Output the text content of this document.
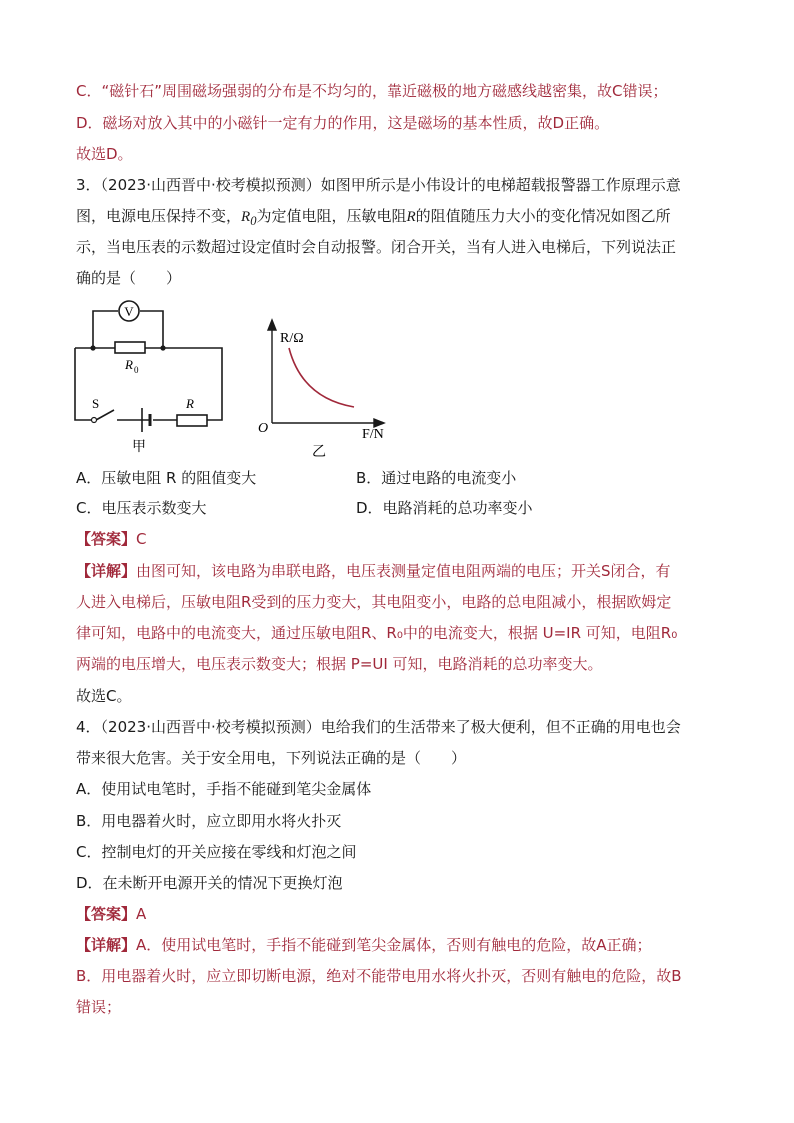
C．“磁针石”周围磁场强弱的分布是不均匀的，靠近磁极的地方磁感线越密集，故C错误；
D．磁场对放入其中的小磁针一定有力的作用，这是磁场的基本性质，故D正确。
故选D。
3．（2023·山西晋中·校考模拟预测）如图甲所示是小伟设计的电梯超载报警器工作原理示意
图，电源电压保持不变，$R_0$为定值电阻，压敏电阻R的阻值随压力大小的变化情况如图乙所
示，当电压表的示数超过设定值时会自动报警。闭合开关，当有人进入电梯后，下列说法正
确的是（　　）
V
R 0
S	R
甲
R/Ω
O	F/N
乙
A．压敏电阻 R 的阻值变大	B．通过电路的电流变小
C．电压表示数变大	D．电路消耗的总功率变小
【答案】C
【详解】由图可知，该电路为串联电路，电压表测量定值电阻两端的电压；开关S闭合，有
人进入电梯后，压敏电阻R受到的压力变大，其电阻变小，电路的总电阻减小，根据欧姆定
律可知，电路中的电流变大，通过压敏电阻R、R₀中的电流变大，根据 U=IR 可知，电阻R₀
两端的电压增大，电压表示数变大；根据 P=UI 可知，电路消耗的总功率变大。
故选C。
4．（2023·山西晋中·校考模拟预测）电给我们的生活带来了极大便利，但不正确的用电也会
带来很大危害。关于安全用电，下列说法正确的是（　　）
A．使用试电笔时，手指不能碰到笔尖金属体
B．用电器着火时，应立即用水将火扑灭
C．控制电灯的开关应接在零线和灯泡之间
D．在未断开电源开关的情况下更换灯泡
【答案】A
【详解】A．使用试电笔时，手指不能碰到笔尖金属体，否则有触电的危险，故A正确；
B．用电器着火时，应立即切断电源，绝对不能带电用水将火扑灭，否则有触电的危险，故B
错误；
